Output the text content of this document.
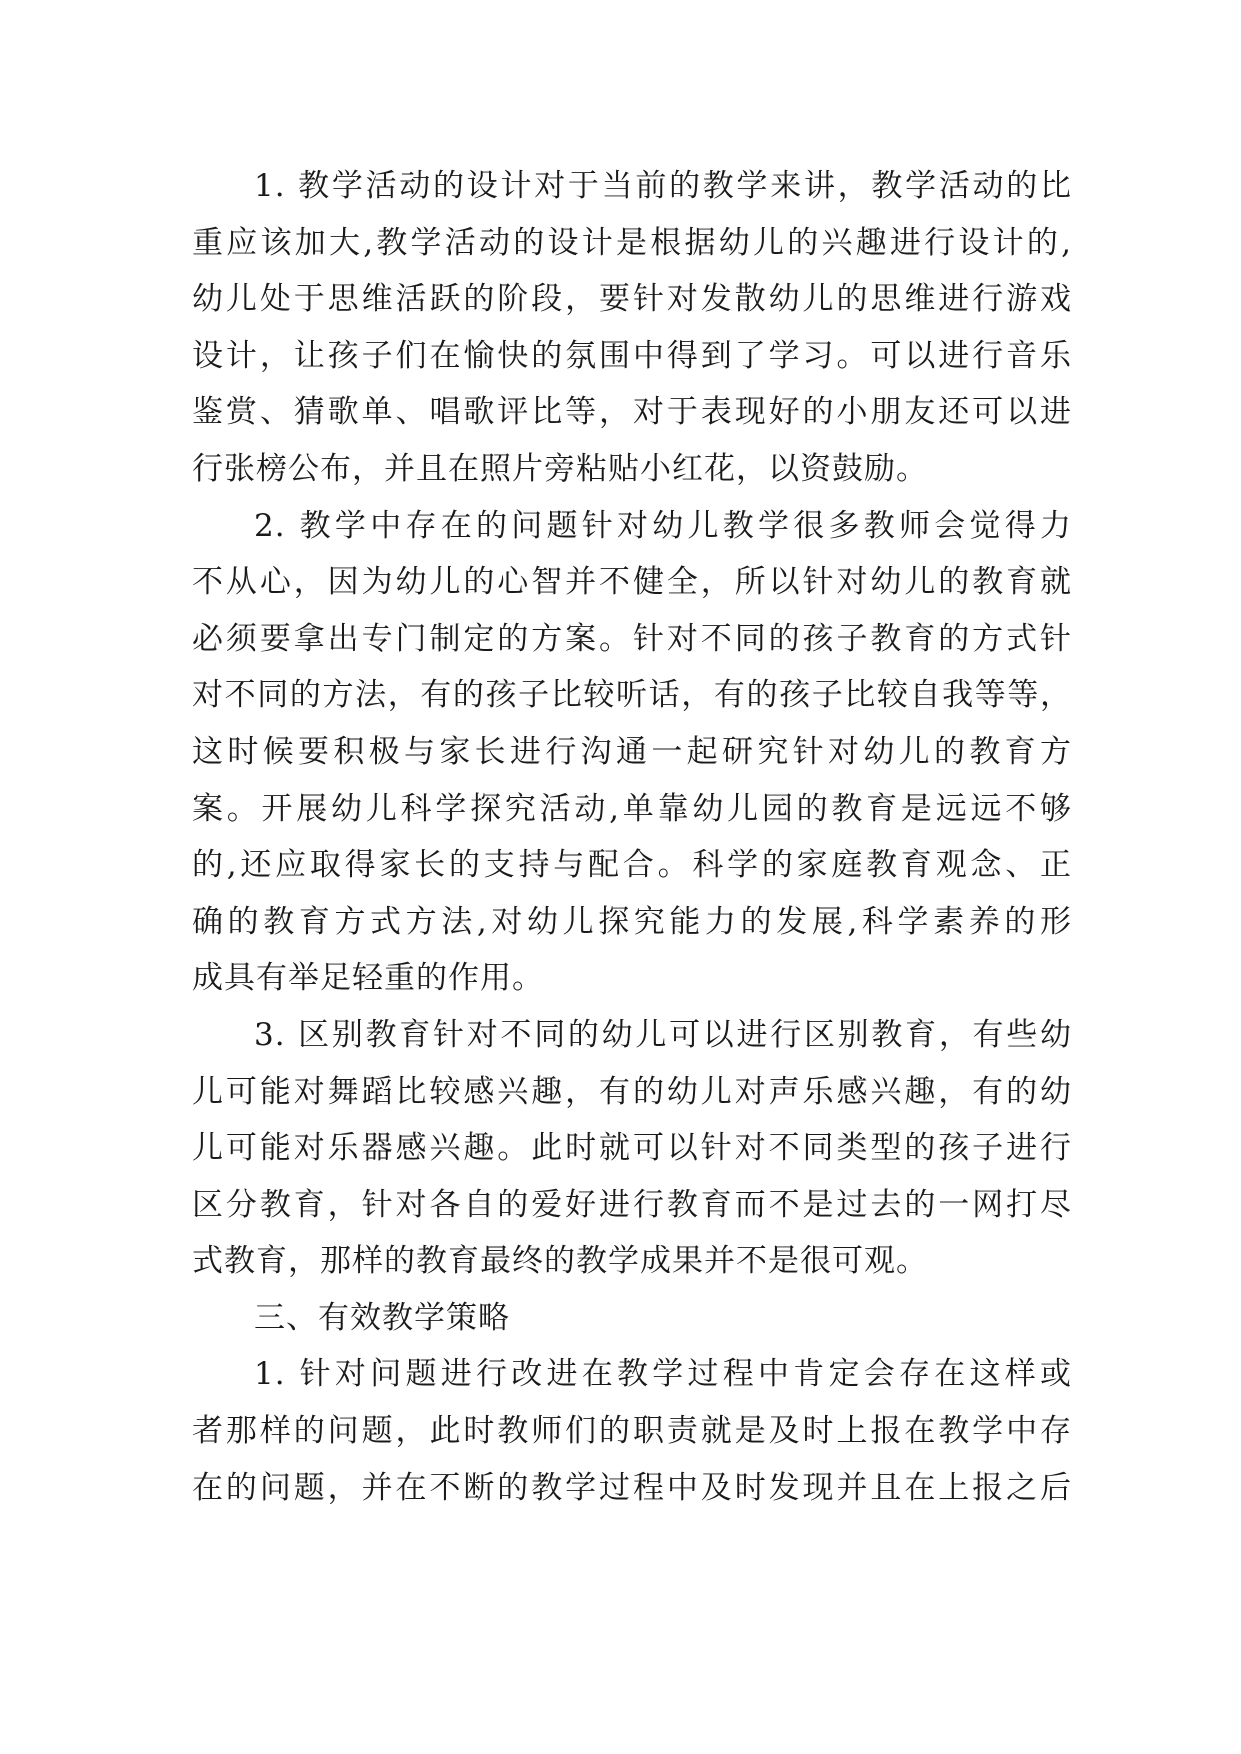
1. 教学活动的设计对于当前的教学来讲，教学活动的比
重应该加大,教学活动的设计是根据幼儿的兴趣进行设计的,
幼儿处于思维活跃的阶段，要针对发散幼儿的思维进行游戏
设计，让孩子们在愉快的氛围中得到了学习。可以进行音乐
鉴赏、猜歌单、唱歌评比等，对于表现好的小朋友还可以进
行张榜公布，并且在照片旁粘贴小红花，以资鼓励。

2. 教学中存在的问题针对幼儿教学很多教师会觉得力
不从心，因为幼儿的心智并不健全，所以针对幼儿的教育就
必须要拿出专门制定的方案。针对不同的孩子教育的方式针
对不同的方法，有的孩子比较听话，有的孩子比较自我等等，
这时候要积极与家长进行沟通一起研究针对幼儿的教育方
案。开展幼儿科学探究活动,单靠幼儿园的教育是远远不够
的,还应取得家长的支持与配合。科学的家庭教育观念、正
确的教育方式方法,对幼儿探究能力的发展,科学素养的形
成具有举足轻重的作用。

3. 区别教育针对不同的幼儿可以进行区别教育，有些幼
儿可能对舞蹈比较感兴趣，有的幼儿对声乐感兴趣，有的幼
儿可能对乐器感兴趣。此时就可以针对不同类型的孩子进行
区分教育，针对各自的爱好进行教育而不是过去的一网打尽
式教育，那样的教育最终的教学成果并不是很可观。

三、有效教学策略

1. 针对问题进行改进在教学过程中肯定会存在这样或
者那样的问题，此时教师们的职责就是及时上报在教学中存
在的问题，并在不断的教学过程中及时发现并且在上报之后
